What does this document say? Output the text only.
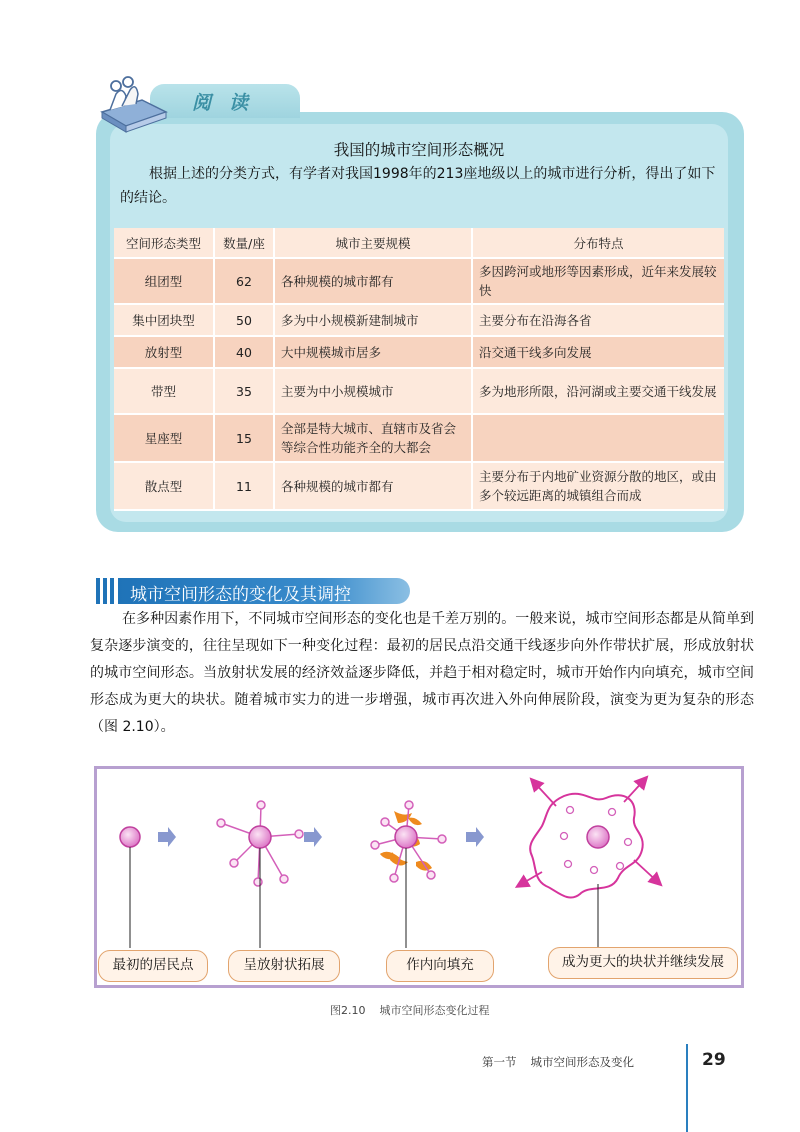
阅读
我国的城市空间形态概况
根据上述的分类方式，有学者对我国1998年的213座地级以上的城市进行分析，得出了如下的结论。
空间形态类型	数量/座	城市主要规模	分布特点
组团型	62	各种规模的城市都有	多因跨河或地形等因素形成，近年来发展较快
集中团块型	50	多为中小规模新建制城市	主要分布在沿海各省
放射型	40	大中规模城市居多	沿交通干线多向发展
带型	35	主要为中小规模城市	多为地形所限，沿河湖或主要交通干线发展
星座型	15	全部是特大城市、直辖市及省会等综合性功能齐全的大都会	
散点型	11	各种规模的城市都有	主要分布于内地矿业资源分散的地区，或由多个较远距离的城镇组合而成
城市空间形态的变化及其调控
在多种因素作用下，不同城市空间形态的变化也是千差万别的。一般来说，城市空间形态都是从简单到复杂逐步演变的，往往呈现如下一种变化过程：最初的居民点沿交通干线逐步向外作带状扩展，形成放射状的城市空间形态。当放射状发展的经济效益逐步降低，并趋于相对稳定时，城市开始作内向填充，城市空间形态成为更大的块状。随着城市实力的进一步增强，城市再次进入外向伸展阶段，演变为更为复杂的形态（图 2.10）。
最初的居民点	呈放射状拓展	作内向填充	成为更大的块状并继续发展
图2.10 城市空间形态变化过程
第一节 城市空间形态及变化	29
